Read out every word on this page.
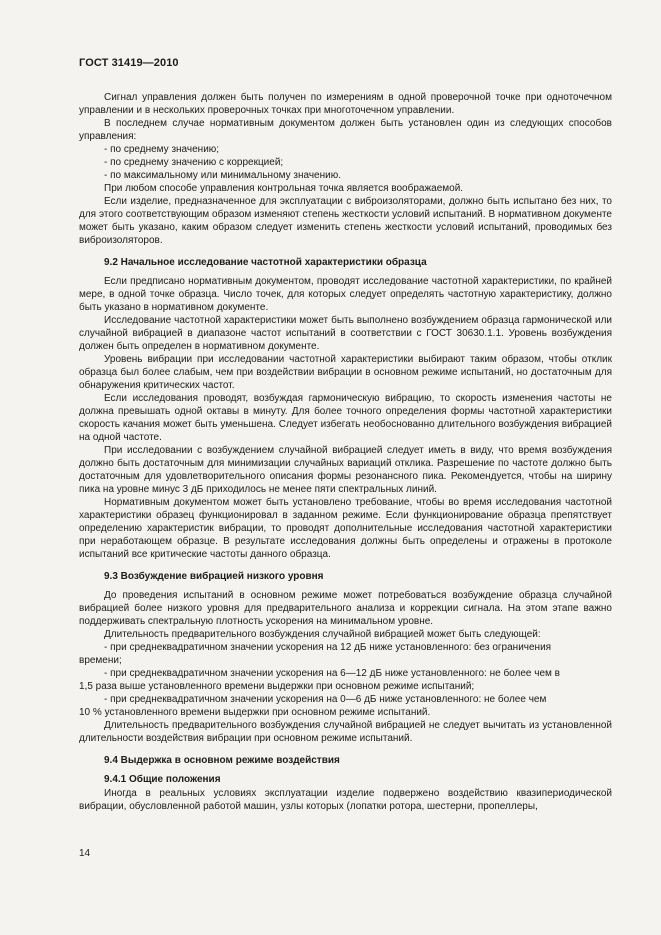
ГОСТ 31419—2010

Сигнал управления должен быть получен по измерениям в одной проверочной точке при одноточечном управлении и в нескольких проверочных точках при многоточечном управлении.

В последнем случае нормативным документом должен быть установлен один из следующих способов управления:

- по среднему значению;

- по среднему значению с коррекцией;

- по максимальному или минимальному значению.

При любом способе управления контрольная точка является воображаемой.

Если изделие, предназначенное для эксплуатации с виброизоляторами, должно быть испытано без них, то для этого соответствующим образом изменяют степень жесткости условий испытаний. В нормативном документе может быть указано, каким образом следует изменить степень жесткости условий испытаний, проводимых без виброизоляторов.

9.2 Начальное исследование частотной характеристики образца

Если предписано нормативным документом, проводят исследование частотной характеристики, по крайней мере, в одной точке образца. Число точек, для которых следует определять частотную характеристику, должно быть указано в нормативном документе.

Исследование частотной характеристики может быть выполнено возбуждением образца гармонической или случайной вибрацией в диапазоне частот испытаний в соответствии с ГОСТ 30630.1.1. Уровень возбуждения должен быть определен в нормативном документе.

Уровень вибрации при исследовании частотной характеристики выбирают таким образом, чтобы отклик образца был более слабым, чем при воздействии вибрации в основном режиме испытаний, но достаточным для обнаружения критических частот.

Если исследования проводят, возбуждая гармоническую вибрацию, то скорость изменения частоты не должна превышать одной октавы в минуту. Для более точного определения формы частотной характеристики скорость качания может быть уменьшена. Следует избегать необоснованно длительного возбуждения вибрацией на одной частоте.

При исследовании с возбуждением случайной вибрацией следует иметь в виду, что время возбуждения должно быть достаточным для минимизации случайных вариаций отклика. Разрешение по частоте должно быть достаточным для удовлетворительного описания формы резонансного пика. Рекомендуется, чтобы на ширину пика на уровне минус 3 дБ приходилось не менее пяти спектральных линий.

Нормативным документом может быть установлено требование, чтобы во время исследования частотной характеристики образец функционировал в заданном режиме. Если функционирование образца препятствует определению характеристик вибрации, то проводят дополнительные исследования частотной характеристики при неработающем образце. В результате исследования должны быть определены и отражены в протоколе испытаний все критические частоты данного образца.

9.3 Возбуждение вибрацией низкого уровня

До проведения испытаний в основном режиме может потребоваться возбуждение образца случайной вибрацией более низкого уровня для предварительного анализа и коррекции сигнала. На этом этапе важно поддерживать спектральную плотность ускорения на минимальном уровне.

Длительность предварительного возбуждения случайной вибрацией может быть следующей:

- при среднеквадратичном значении ускорения на 12 дБ ниже установленного: без ограничения

времени;

- при среднеквадратичном значении ускорения на 6—12 дБ ниже установленного: не более чем в

1,5 раза выше установленного времени выдержки при основном режиме испытаний;

- при среднеквадратичном значении ускорения на 0—6 дБ ниже установленного: не более чем

10 % установленного времени выдержки при основном режиме испытаний.

Длительность предварительного возбуждения случайной вибрацией не следует вычитать из установленной длительности воздействия вибрации при основном режиме испытаний.

9.4 Выдержка в основном режиме воздействия
9.4.1 Общие положения

Иногда в реальных условиях эксплуатации изделие подвержено воздействию квазипериодической вибрации, обусловленной работой машин, узлы которых (лопатки ротора, шестерни, пропеллеры,

14
